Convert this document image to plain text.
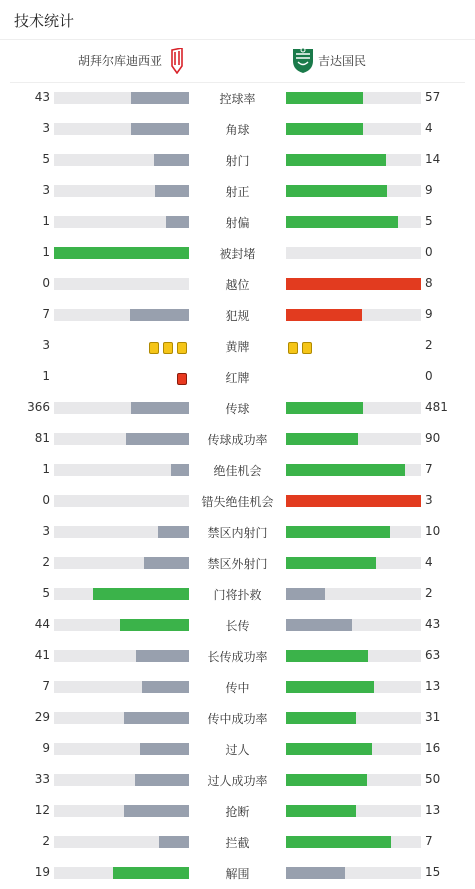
技术统计
胡拜尔库迪西亚	吉达国民
43	控球率	57
3	角球	4
5	射门	14
3	射正	9
1	射偏	5
1	被封堵	0
0	越位	8
7	犯规	9
3	黄牌	2
1	红牌	0
366	传球	481
81	传球成功率	90
1	绝佳机会	7
0	错失绝佳机会	3
3	禁区内射门	10
2	禁区外射门	4
5	门将扑救	2
44	长传	43
41	长传成功率	63
7	传中	13
29	传中成功率	31
9	过人	16
33	过人成功率	50
12	抢断	13
2	拦截	7
19	解围	15
